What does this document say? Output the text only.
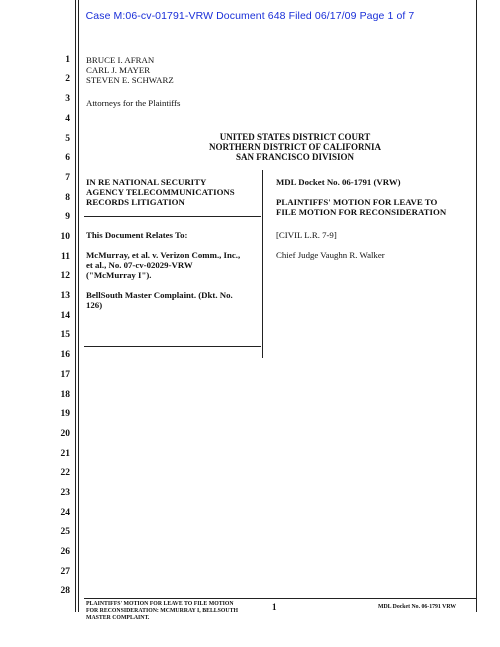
Case M:06-cv-01791-VRW Document 648 Filed 06/17/09 Page 1 of 7
1
2
3
4
5
6
7
8
9
10
11
12
13
14
15
16
17
18
19
20
21
22
23
24
25
26
27
28
BRUCE I. AFRAN
CARL J. MAYER
STEVEN E. SCHWARZ
Attorneys for the Plaintiffs
UNITED STATES DISTRICT COURT
NORTHERN DISTRICT OF CALIFORNIA
SAN FRANCISCO DIVISION
IN RE NATIONAL SECURITY
AGENCY TELECOMMUNICATIONS
RECORDS LITIGATION
This Document Relates To:
McMurray, et al. v. Verizon Comm., Inc.,
et al., No. 07-cv-02029-VRW
("McMurray I").
BellSouth Master Complaint. (Dkt. No.
126)
MDL Docket No. 06-1791 (VRW)
PLAINTIFFS' MOTION FOR LEAVE TO
FILE MOTION FOR RECONSIDERATION
[CIVIL L.R. 7-9]
Chief Judge Vaughn R. Walker
PLAINTIFFS' MOTION FOR LEAVE TO FILE MOTION
FOR RECONSIDERATION: MCMURRAY I, BELLSOUTH
MASTER COMPLAINT.
1	MDL Docket No. 06-1791 VRW
